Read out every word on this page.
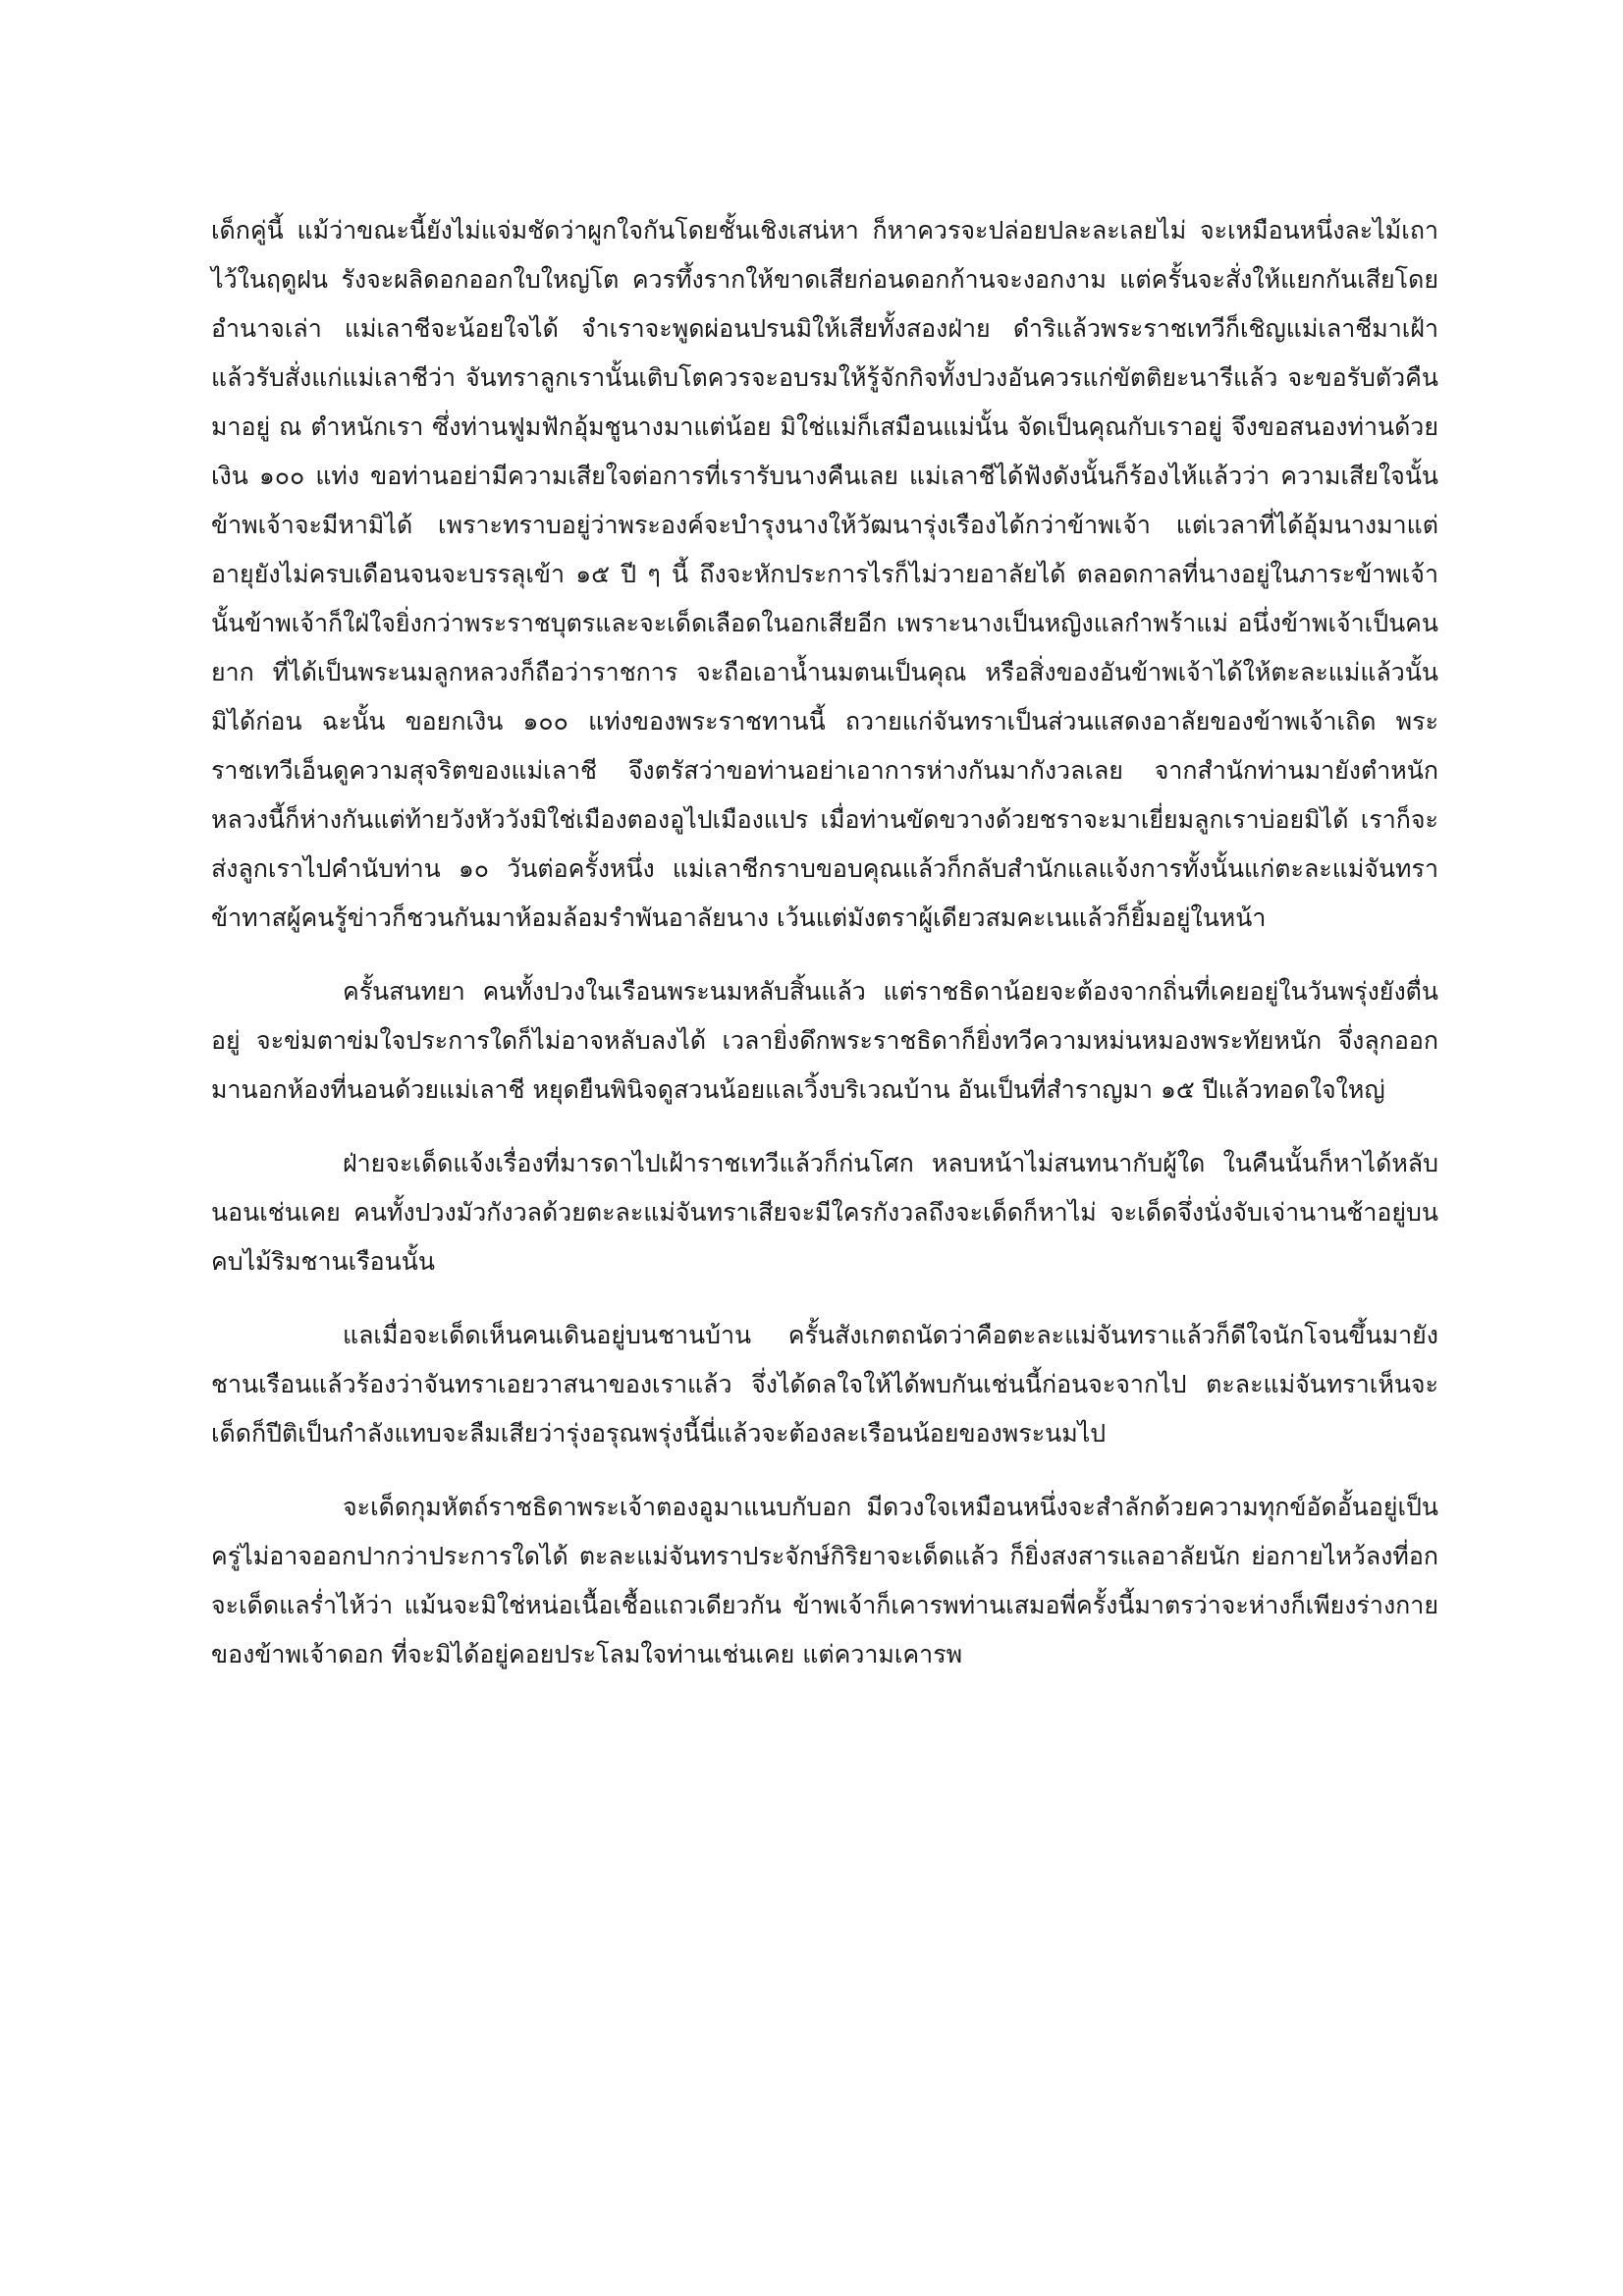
เด็กคู่นี้ แม้ว่าขณะนี้ยังไม่แจ่มชัดว่าผูกใจกันโดยชั้นเชิงเสน่หา ก็หาควรจะปล่อยปละละเลยไม่ จะเหมือนหนึ่งละไม้เถาไว้ในฤดูฝน รังจะผลิดอกออกใบใหญ่โต ควรทึ้งรากให้ขาดเสียก่อนดอกก้านจะงอกงาม แต่ครั้นจะสั่งให้แยกกันเสียโดยอำนาจเล่า แม่เลาชีจะน้อยใจได้ จำเราจะพูดผ่อนปรนมิให้เสียทั้งสองฝ่าย ดำริแล้วพระราชเทวีก็เชิญแม่เลาชีมาเฝ้า แล้วรับสั่งแก่แม่เลาชีว่า จันทราลูกเรานั้นเติบโตควรจะอบรมให้รู้จักกิจทั้งปวงอันควรแก่ขัตติยะนารีแล้ว จะขอรับตัวคืนมาอยู่ ณ ตำหนักเรา ซึ่งท่านฟูมฟักอุ้มชูนางมาแต่น้อย มิใช่แม่ก็เสมือนแม่นั้น จัดเป็นคุณกับเราอยู่ จึงขอสนองท่านด้วยเงิน ๑๐๐ แท่ง ขอท่านอย่ามีความเสียใจต่อการที่เรารับนางคืนเลย แม่เลาชีได้ฟังดังนั้นก็ร้องไห้แล้วว่า ความเสียใจนั้นข้าพเจ้าจะมีหามิได้ เพราะทราบอยู่ว่าพระองค์จะบำรุงนางให้วัฒนารุ่งเรืองได้กว่าข้าพเจ้า แต่เวลาที่ได้อุ้มนางมาแต่อายุยังไม่ครบเดือนจนจะบรรลุเข้า ๑๕ ปี ๆ นี้ ถึงจะหักประการไรก็ไม่วายอาลัยได้ ตลอดกาลที่นางอยู่ในภาระข้าพเจ้านั้นข้าพเจ้าก็ใฝ่ใจยิ่งกว่าพระราชบุตรและจะเด็ดเลือดในอกเสียอีก เพราะนางเป็นหญิงแลกำพร้าแม่ อนึ่งข้าพเจ้าเป็นคนยาก ที่ได้เป็นพระนมลูกหลวงก็ถือว่าราชการ จะถือเอาน้ำนมตนเป็นคุณ หรือสิ่งของอันข้าพเจ้าได้ให้ตะละแม่แล้วนั้นมิได้ก่อน ฉะนั้น ขอยกเงิน ๑๐๐ แท่งของพระราชทานนี้ ถวายแก่จันทราเป็นส่วนแสดงอาลัยของข้าพเจ้าเถิด พระราชเทวีเอ็นดูความสุจริตของแม่เลาชี จึงตรัสว่าขอท่านอย่าเอาการห่างกันมากังวลเลย จากสำนักท่านมายังตำหนักหลวงนี้ก็ห่างกันแต่ท้ายวังหัววังมิใช่เมืองตองอูไปเมืองแปร เมื่อท่านขัดขวางด้วยชราจะมาเยี่ยมลูกเราบ่อยมิได้ เราก็จะส่งลูกเราไปคำนับท่าน ๑๐ วันต่อครั้งหนึ่ง แม่เลาชีกราบขอบคุณแล้วก็กลับสำนักแลแจ้งการทั้งนั้นแก่ตะละแม่จันทรา ข้าทาสผู้คนรู้ข่าวก็ชวนกันมาห้อมล้อมรำพันอาลัยนาง เว้นแต่มังตราผู้เดียวสมคะเนแล้วก็ยิ้มอยู่ในหน้า

ครั้นสนทยา คนทั้งปวงในเรือนพระนมหลับสิ้นแล้ว แต่ราชธิดาน้อยจะต้องจากถิ่นที่เคยอยู่ในวันพรุ่งยังตื่นอยู่ จะข่มตาข่มใจประการใดก็ไม่อาจหลับลงได้ เวลายิ่งดึกพระราชธิดาก็ยิ่งทวีความหม่นหมองพระทัยหนัก จึ่งลุกออกมานอกห้องที่นอนด้วยแม่เลาชี หยุดยืนพินิจดูสวนน้อยแลเวิ้งบริเวณบ้าน อันเป็นที่สำราญมา ๑๕ ปีแล้วทอดใจใหญ่

ฝ่ายจะเด็ดแจ้งเรื่องที่มารดาไปเฝ้าราชเทวีแล้วก็ก่นโศก หลบหน้าไม่สนทนากับผู้ใด ในคืนนั้นก็หาได้หลับนอนเช่นเคย คนทั้งปวงมัวกังวลด้วยตะละแม่จันทราเสียจะมีใครกังวลถึงจะเด็ดก็หาไม่ จะเด็ดจึ่งนั่งจับเจ่านานช้าอยู่บนคบไม้ริมชานเรือนนั้น

แลเมื่อจะเด็ดเห็นคนเดินอยู่บนชานบ้าน ครั้นสังเกตถนัดว่าคือตะละแม่จันทราแล้วก็ดีใจนักโจนขึ้นมายังชานเรือนแล้วร้องว่าจันทราเอยวาสนาของเราแล้ว จึ่งได้ดลใจให้ได้พบกันเช่นนี้ก่อนจะจากไป ตะละแม่จันทราเห็นจะเด็ดก็ปีติเป็นกำลังแทบจะลืมเสียว่ารุ่งอรุณพรุ่งนี้นี่แล้วจะต้องละเรือนน้อยของพระนมไป

จะเด็ดกุมหัตถ์ราชธิดาพระเจ้าตองอูมาแนบกับอก มีดวงใจเหมือนหนึ่งจะสำลักด้วยความทุกข์อัดอั้นอยู่เป็นครู่ไม่อาจออกปากว่าประการใดได้ ตะละแม่จันทราประจักษ์กิริยาจะเด็ดแล้ว ก็ยิ่งสงสารแลอาลัยนัก ย่อกายไหว้ลงที่อกจะเด็ดแลร่ำไห้ว่า แม้นจะมิใช่หน่อเนื้อเชื้อแถวเดียวกัน ข้าพเจ้าก็เคารพท่านเสมอพี่ครั้งนี้มาตรว่าจะห่างก็เพียงร่างกายของข้าพเจ้าดอก ที่จะมิได้อยู่คอยประโลมใจท่านเช่นเคย แต่ความเคารพ
